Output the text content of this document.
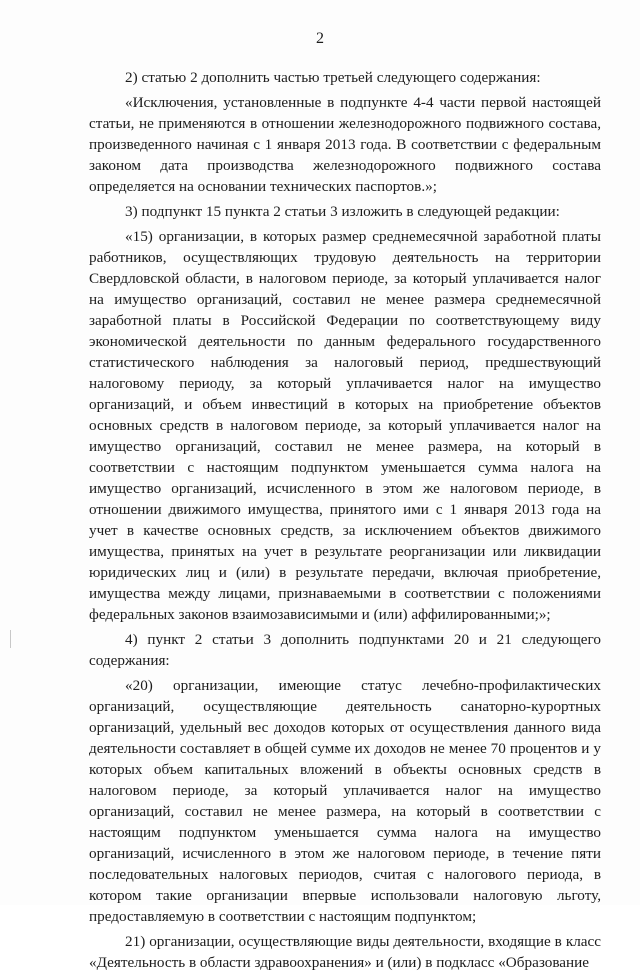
2

2) статью 2 дополнить частью третьей следующего содержания:

«Исключения, установленные в подпункте 4-4 части первой настоящей статьи, не применяются в отношении железнодорожного подвижного состава, произведенного начиная с 1 января 2013 года. В соответствии с федеральным законом дата производства железнодорожного подвижного состава определяется на основании технических паспортов.»;

3) подпункт 15 пункта 2 статьи 3 изложить в следующей редакции:

«15) организации, в которых размер среднемесячной заработной платы работников, осуществляющих трудовую деятельность на территории Свердловской области, в налоговом периоде, за который уплачивается налог на имущество организаций, составил не менее размера среднемесячной заработной платы в Российской Федерации по соответствующему виду экономической деятельности по данным федерального государственного статистического наблюдения за налоговый период, предшествующий налоговому периоду, за который уплачивается налог на имущество организаций, и объем инвестиций в которых на приобретение объектов основных средств в налоговом периоде, за который уплачивается налог на имущество организаций, составил не менее размера, на который в соответствии с настоящим подпунктом уменьшается сумма налога на имущество организаций, исчисленного в этом же налоговом периоде, в отношении движимого имущества, принятого ими с 1 января 2013 года на учет в качестве основных средств, за исключением объектов движимого имущества, принятых на учет в результате реорганизации или ликвидации юридических лиц и (или) в результате передачи, включая приобретение, имущества между лицами, признаваемыми в соответствии с положениями федеральных законов взаимозависимыми и (или) аффилированными;»;

4) пункт 2 статьи 3 дополнить подпунктами 20 и 21 следующего содержания:

«20) организации, имеющие статус лечебно-профилактических организаций, осуществляющие деятельность санаторно-курортных организаций, удельный вес доходов которых от осуществления данного вида деятельности составляет в общей сумме их доходов не менее 70 процентов и у которых объем капитальных вложений в объекты основных средств в налоговом периоде, за который уплачивается налог на имущество организаций, составил не менее размера, на который в соответствии с настоящим подпунктом уменьшается сумма налога на имущество организаций, исчисленного в этом же налоговом периоде, в течение пяти последовательных налоговых периодов, считая с налогового периода, в котором такие организации впервые использовали налоговую льготу, предоставляемую в соответствии с настоящим подпунктом;

21) организации, осуществляющие виды деятельности, входящие в класс «Деятельность в области здравоохранения» и (или) в подкласс «Образование
